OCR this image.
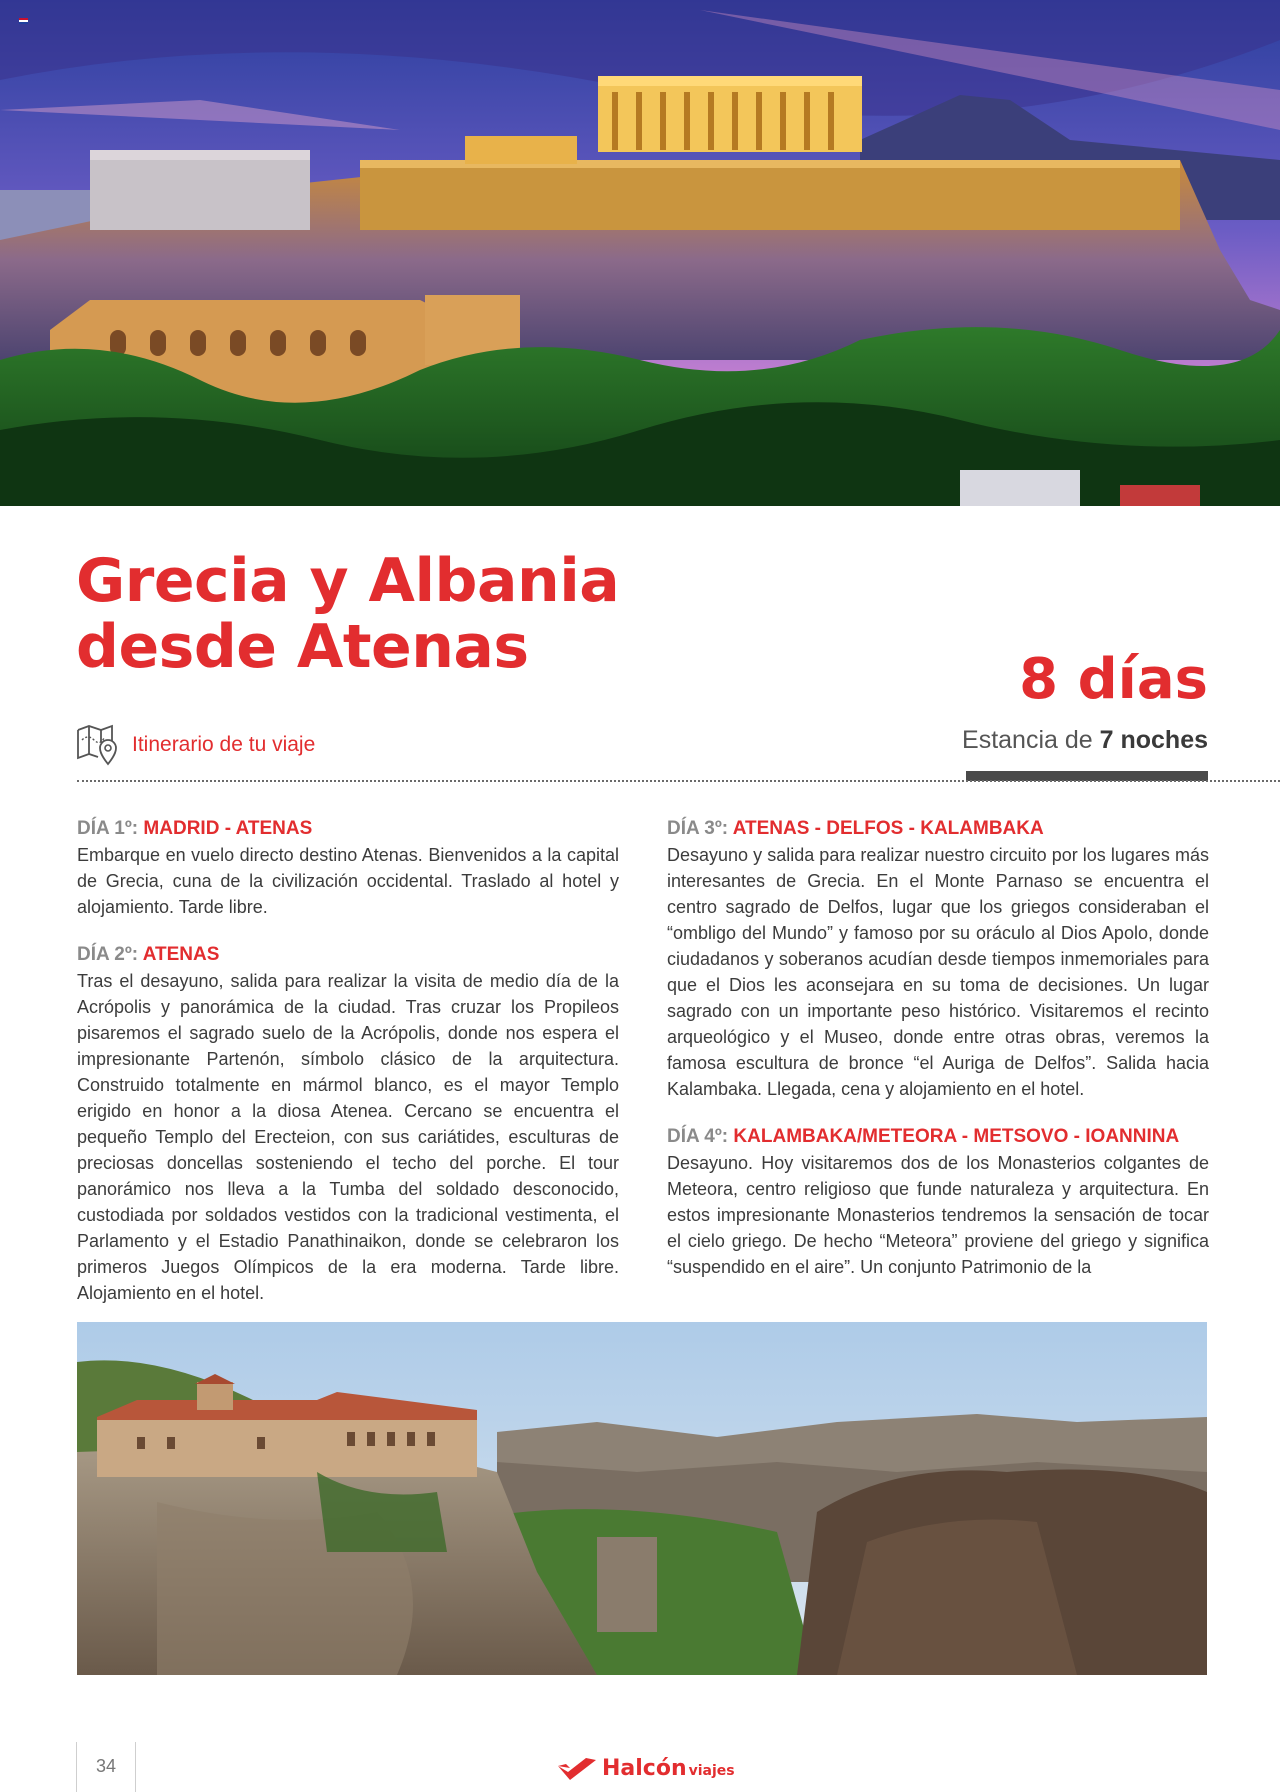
Grecia y Albania
desde Atenas	8 días
Estancia de 7 noches
Itinerario de tu viaje
DÍA 1º: MADRID - ATENAS

Embarque en vuelo directo destino Atenas. Bienvenidos a la capital de Grecia, cuna de la civilización occidental. Traslado al hotel y alojamiento. Tarde libre.

DÍA 2º: ATENAS

Tras el desayuno, salida para realizar la visita de medio día de la Acrópolis y panorámica de la ciudad. Tras cruzar los Propileos pisaremos el sagrado suelo de la Acrópolis, donde nos espera el impresionante Partenón, símbolo clásico de la arquitectura. Construido totalmente en mármol blanco, es el mayor Templo erigido en honor a la diosa Atenea. Cercano se encuentra el pequeño Templo del Erecteion, con sus cariátides, esculturas de preciosas doncellas sosteniendo el techo del porche. El tour panorámico nos lleva a la Tumba del soldado desconocido, custodiada por soldados vestidos con la tradicional vestimenta, el Parlamento y el Estadio Panathinaikon, donde se celebraron los primeros Juegos Olímpicos de la era moderna. Tarde libre. Alojamiento en el hotel.

DÍA 3º: ATENAS - DELFOS - KALAMBAKA

Desayuno y salida para realizar nuestro circuito por los lugares más interesantes de Grecia. En el Monte Parnaso se encuentra el centro sagrado de Delfos, lugar que los griegos consideraban el “ombligo del Mundo” y famoso por su oráculo al Dios Apolo, donde ciudadanos y soberanos acudían desde tiempos inmemoriales para que el Dios les aconsejara en su toma de decisiones. Un lugar sagrado con un importante peso histórico. Visitaremos el recinto arqueológico y el Museo, donde entre otras obras, veremos la famosa escultura de bronce “el Auriga de Delfos”. Salida hacia Kalambaka. Llegada, cena y alojamiento en el hotel.

DÍA 4º: KALAMBAKA/METEORA - METSOVO - IOANNINA

Desayuno. Hoy visitaremos dos de los Monasterios colgantes de Meteora, centro religioso que funde naturaleza y arquitectura. En estos impresionante Monasterios tendremos la sensación de tocar el cielo griego. De hecho “Meteora” proviene del griego y significa “suspendido en el aire”. Un conjunto Patrimonio de la

34	Halcón viajes
